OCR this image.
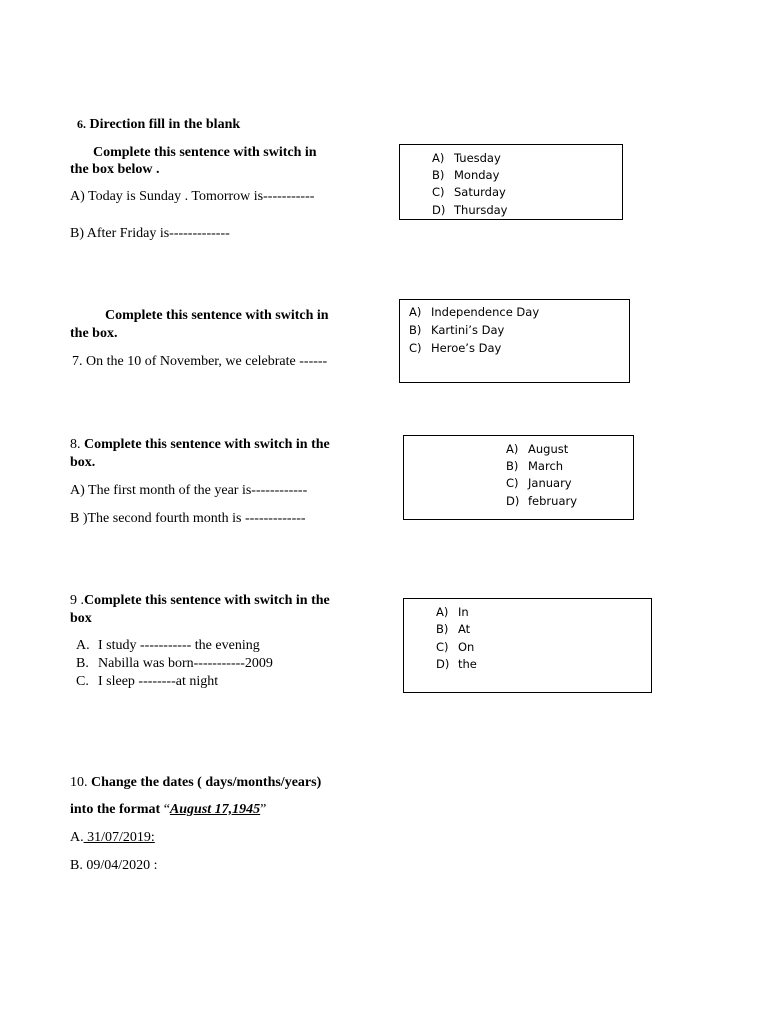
6. Direction fill in the blank
Complete this sentence with switch in
the box below .
A) Today is Sunday . Tomorrow is-----------
B) After Friday is-------------
A) Tuesday
B) Monday
C) Saturday
D) Thursday
Complete this sentence with switch in
the box.
7. On the 10 of November, we celebrate ------
A) Independence Day
B) Kartini’s Day
C) Heroe’s Day
8. Complete this sentence with switch in the
box.
A) The first month of the year is------------
B )The second fourth month is -------------
A) August
B) March
C) January
D) february
9 .Complete this sentence with switch in the
box
A. I study ----------- the evening
B. Nabilla was born-----------2009
C. I sleep --------at night
A) In
B) At
C) On
D) the
10. Change the dates ( days/months/years)
into the format “August 17,1945”
A. 31/07/2019:
B. 09/04/2020 :
